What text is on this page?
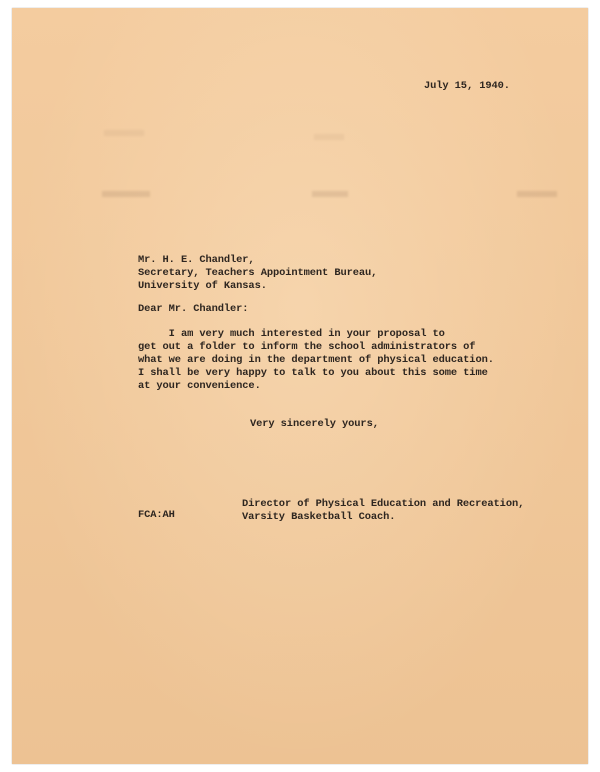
July 15, 1940.
Mr. H. E. Chandler,
Secretary, Teachers Appointment Bureau,
University of Kansas.
Dear Mr. Chandler:
I am very much interested in your proposal to
get out a folder to inform the school administrators of
what we are doing in the department of physical education.
I shall be very happy to talk to you about this some time
at your convenience.
Very sincerely yours,
Director of Physical Education and Recreation,
Varsity Basketball Coach.
FCA:AH
